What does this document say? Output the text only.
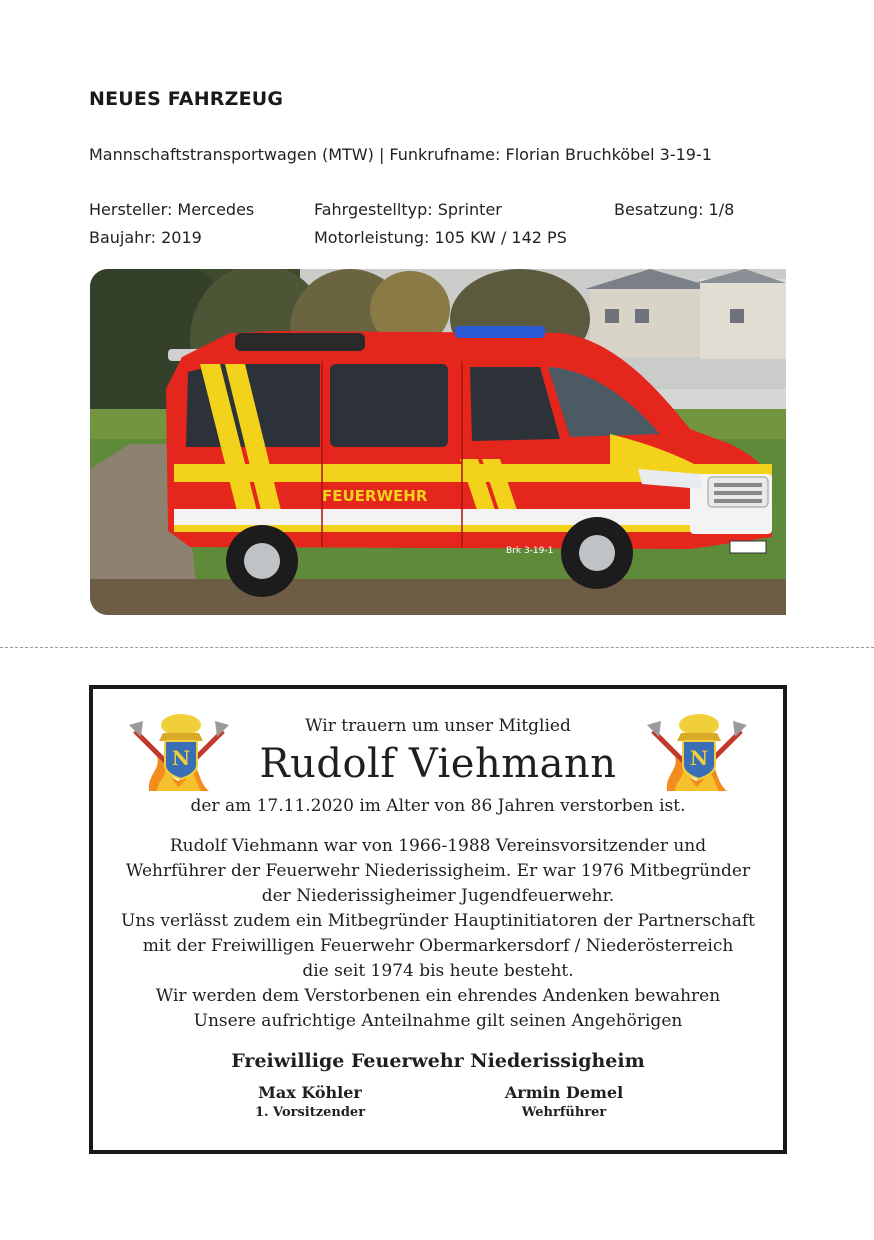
NEUES FAHRZEUG
Mannschaftstransportwagen (MTW) | Funkrufname: Florian Bruchköbel 3-19-1
Hersteller: Mercedes	Fahrgestelltyp: Sprinter	Besatzung: 1/8
Baujahr: 2019	Motorleistung: 105 KW / 142 PS
FEUERWEHR
Brk 3-19-1
N	N
Wir trauern um unser Mitglied
Rudolf Viehmann
der am 17.11.2020 im Alter von 86 Jahren verstorben ist.
Rudolf Viehmann war von 1966-1988 Vereinsvorsitzender und
Wehrführer der Feuerwehr Niederissigheim. Er war 1976 Mitbegründer
der Niederissigheimer Jugendfeuerwehr.
Uns verlässt zudem ein Mitbegründer Hauptinitiatoren der Partnerschaft
mit der Freiwilligen Feuerwehr Obermarkersdorf / Niederösterreich
die seit 1974 bis heute besteht.
Wir werden dem Verstorbenen ein ehrendes Andenken bewahren
Unsere aufrichtige Anteilnahme gilt seinen Angehörigen
Freiwillige Feuerwehr Niederissigheim
Max Köhler
1. Vorsitzender
Armin Demel
Wehrführer
